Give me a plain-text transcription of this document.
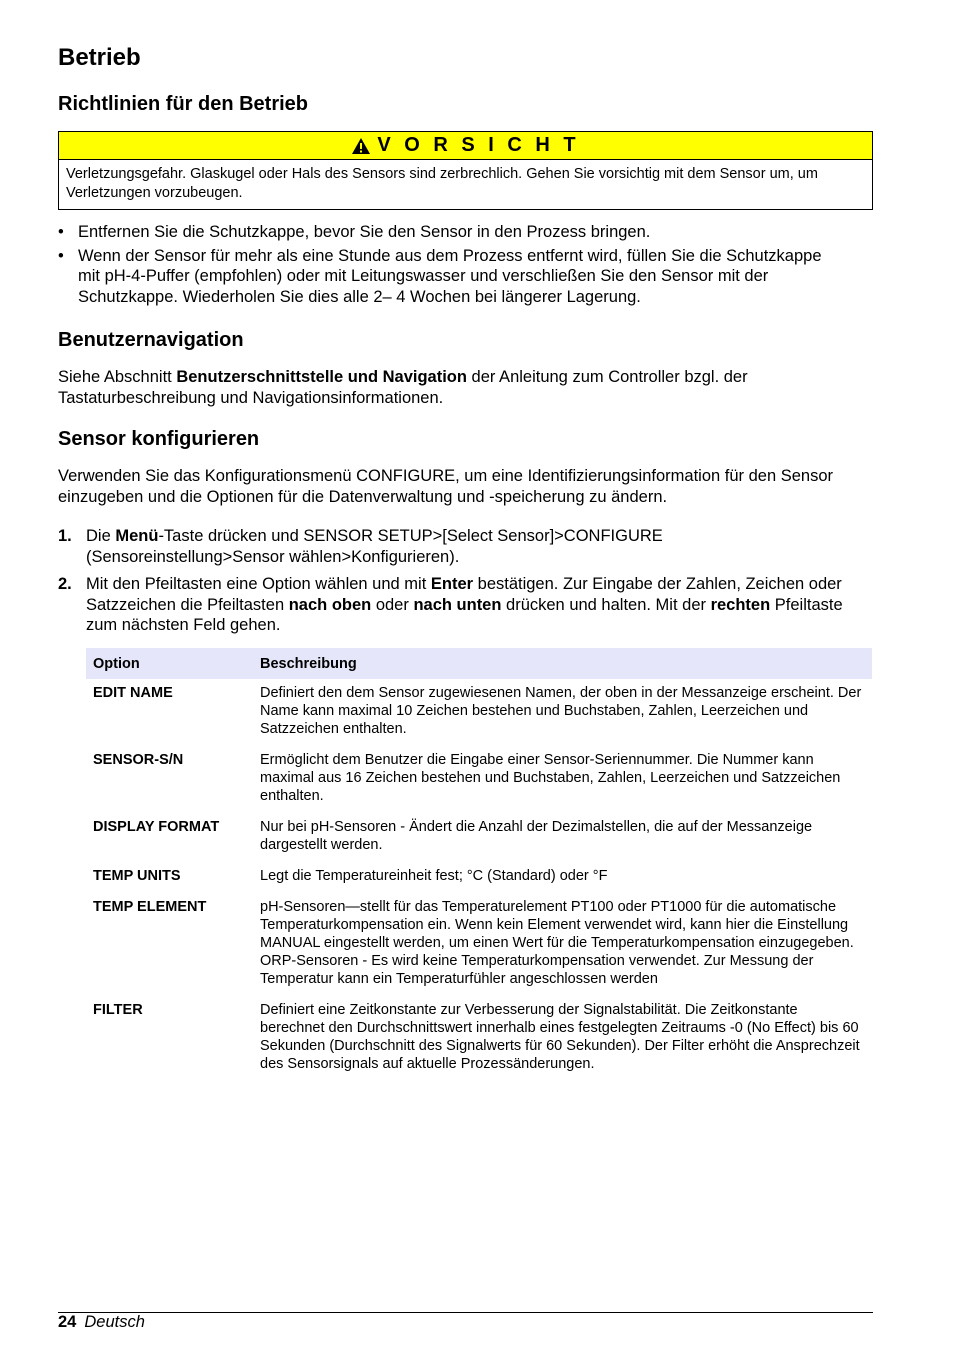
Betrieb
Richtlinien für den Betrieb
V O R S I C H T
Verletzungsgefahr. Glaskugel oder Hals des Sensors sind zerbrechlich. Gehen Sie vorsichtig mit dem Sensor um, um Verletzungen vorzubeugen.
• Entfernen Sie die Schutzkappe, bevor Sie den Sensor in den Prozess bringen.
• Wenn der Sensor für mehr als eine Stunde aus dem Prozess entfernt wird, füllen Sie die Schutzkappe mit pH-4-Puffer (empfohlen) oder mit Leitungswasser und verschließen Sie den Sensor mit der Schutzkappe. Wiederholen Sie dies alle 2– 4 Wochen bei längerer Lagerung.
Benutzernavigation

Siehe Abschnitt Benutzerschnittstelle und Navigation der Anleitung zum Controller bzgl. der Tastaturbeschreibung und Navigationsinformationen.

Sensor konfigurieren

Verwenden Sie das Konfigurationsmenü CONFIGURE, um eine Identifizierungsinformation für den Sensor einzugeben und die Optionen für die Datenverwaltung und -speicherung zu ändern.

1. Die Menü-Taste drücken und SENSOR SETUP>[Select Sensor]>CONFIGURE (Sensoreinstellung>Sensor wählen>Konfigurieren).
2. Mit den Pfeiltasten eine Option wählen und mit Enter bestätigen. Zur Eingabe der Zahlen, Zeichen oder Satzzeichen die Pfeiltasten nach oben oder nach unten drücken und halten. Mit der rechten Pfeiltaste zum nächsten Feld gehen.
Option	Beschreibung
EDIT NAME	Definiert den dem Sensor zugewiesenen Namen, der oben in der Messanzeige erscheint. Der Name kann maximal 10 Zeichen bestehen und Buchstaben, Zahlen, Leerzeichen und Satzzeichen enthalten.
SENSOR-S/N	Ermöglicht dem Benutzer die Eingabe einer Sensor-Seriennummer. Die Nummer kann maximal aus 16 Zeichen bestehen und Buchstaben, Zahlen, Leerzeichen und Satzzeichen enthalten.
DISPLAY FORMAT	Nur bei pH-Sensoren - Ändert die Anzahl der Dezimalstellen, die auf der Messanzeige dargestellt werden.
TEMP UNITS	Legt die Temperatureinheit fest; °C (Standard) oder °F
TEMP ELEMENT	pH-Sensoren—stellt für das Temperaturelement PT100 oder PT1000 für die automatische Temperaturkompensation ein. Wenn kein Element verwendet wird, kann hier die Einstellung MANUAL eingestellt werden, um einen Wert für die Temperaturkompensation einzugegeben. ORP-Sensoren - Es wird keine Temperaturkompensation verwendet. Zur Messung der Temperatur kann ein Temperaturfühler angeschlossen werden
FILTER	Definiert eine Zeitkonstante zur Verbesserung der Signalstabilität. Die Zeitkonstante berechnet den Durchschnittswert innerhalb eines festgelegten Zeitraums -0 (No Effect) bis 60 Sekunden (Durchschnitt des Signalwerts für 60 Sekunden). Der Filter erhöht die Ansprechzeit des Sensorsignals auf aktuelle Prozessänderungen.
24 Deutsch
